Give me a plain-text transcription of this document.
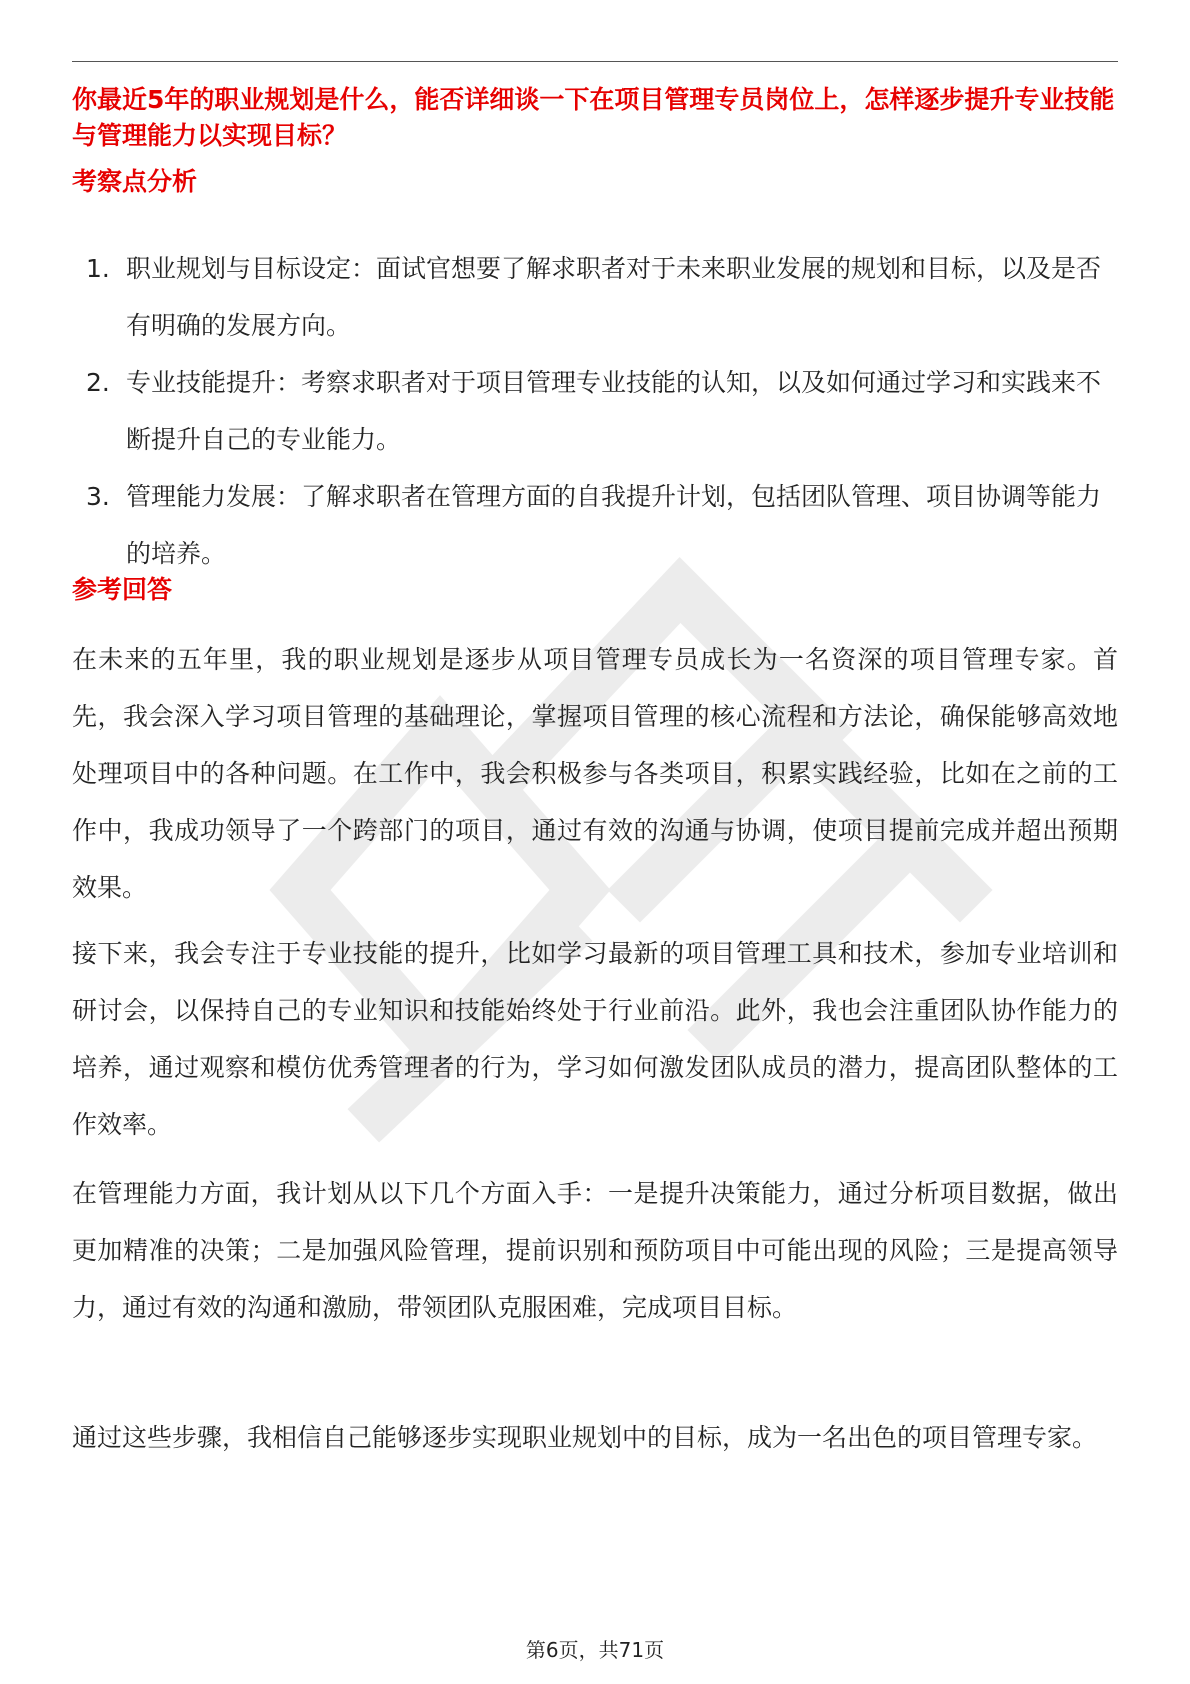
你最近5年的职业规划是什么，能否详细谈一下在项目管理专员岗位上，怎样逐步提升专业技能与管理能力以实现目标？
考察点分析
1. 职业规划与目标设定：面试官想要了解求职者对于未来职业发展的规划和目标，以及是否有明确的发展方向。
2. 专业技能提升：考察求职者对于项目管理专业技能的认知，以及如何通过学习和实践来不断提升自己的专业能力。
3. 管理能力发展：了解求职者在管理方面的自我提升计划，包括团队管理、项目协调等能力的培养。
参考回答

在未来的五年里，我的职业规划是逐步从项目管理专员成长为一名资深的项目管理专家。首先，我会深入学习项目管理的基础理论，掌握项目管理的核心流程和方法论，确保能够高效地处理项目中的各种问题。在工作中，我会积极参与各类项目，积累实践经验，比如在之前的工作中，我成功领导了一个跨部门的项目，通过有效的沟通与协调，使项目提前完成并超出预期效果。

接下来，我会专注于专业技能的提升，比如学习最新的项目管理工具和技术，参加专业培训和研讨会，以保持自己的专业知识和技能始终处于行业前沿。此外，我也会注重团队协作能力的培养，通过观察和模仿优秀管理者的行为，学习如何激发团队成员的潜力，提高团队整体的工作效率。

在管理能力方面，我计划从以下几个方面入手：一是提升决策能力，通过分析项目数据，做出更加精准的决策；二是加强风险管理，提前识别和预防项目中可能出现的风险；三是提高领导力，通过有效的沟通和激励，带领团队克服困难，完成项目目标。

通过这些步骤，我相信自己能够逐步实现职业规划中的目标，成为一名出色的项目管理专家。

第6页，共71页
